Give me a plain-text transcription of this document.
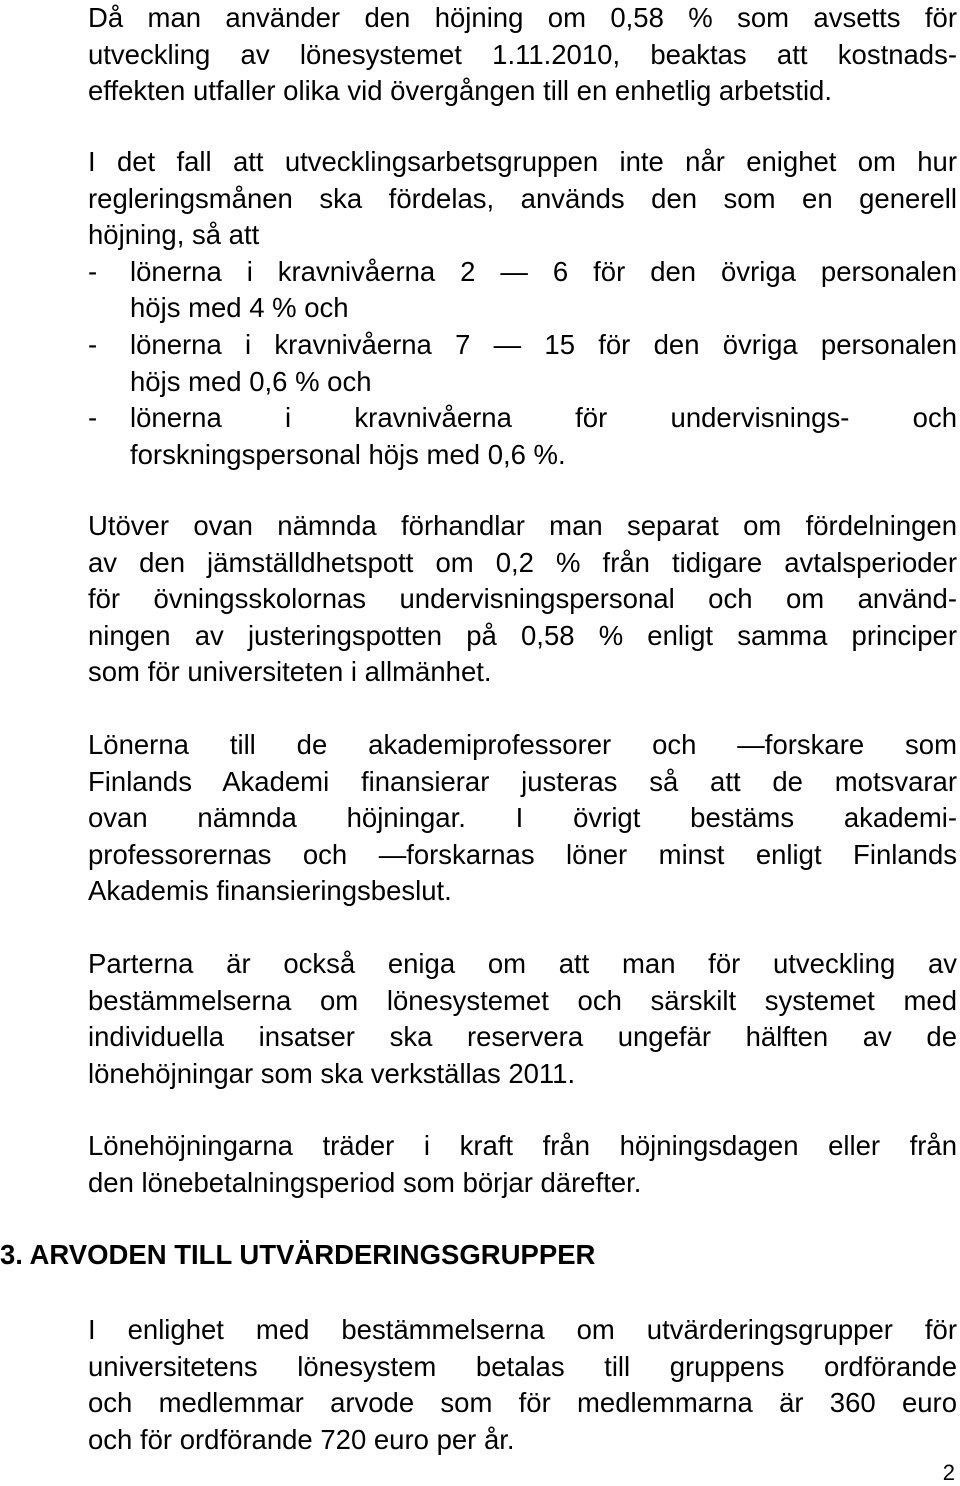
Då man använder den höjning om 0,58 % som avsetts för
utveckling av lönesystemet 1.11.2010, beaktas att kostnads-
effekten utfaller olika vid övergången till en enhetlig arbetstid.
I det fall att utvecklingsarbetsgruppen inte når enighet om hur
regleringsmånen ska fördelas, används den som en generell
höjning, så att
- lönerna i kravnivåerna 2 — 6 för den övriga personalen
höjs med 4 % och
- lönerna i kravnivåerna 7 — 15 för den övriga personalen
höjs med 0,6 % och
- lönerna i kravnivåerna för undervisnings- och
forskningspersonal höjs med 0,6 %.
Utöver ovan nämnda förhandlar man separat om fördelningen
av den jämställdhetspott om 0,2 % från tidigare avtalsperioder
för övningsskolornas undervisningspersonal och om använd-
ningen av justeringspotten på 0,58 % enligt samma principer
som för universiteten i allmänhet.
Lönerna till de akademiprofessorer och —forskare som
Finlands Akademi finansierar justeras så att de motsvarar
ovan nämnda höjningar. I övrigt bestäms akademi-
professorernas och —forskarnas löner minst enligt Finlands
Akademis finansieringsbeslut.
Parterna är också eniga om att man för utveckling av
bestämmelserna om lönesystemet och särskilt systemet med
individuella insatser ska reservera ungefär hälften av de
lönehöjningar som ska verkställas 2011.
Lönehöjningarna träder i kraft från höjningsdagen eller från
den lönebetalningsperiod som börjar därefter.
3. ARVODEN TILL UTVÄRDERINGSGRUPPER
I enlighet med bestämmelserna om utvärderingsgrupper för
universitetens lönesystem betalas till gruppens ordförande
och medlemmar arvode som för medlemmarna är 360 euro
och för ordförande 720 euro per år.
2
